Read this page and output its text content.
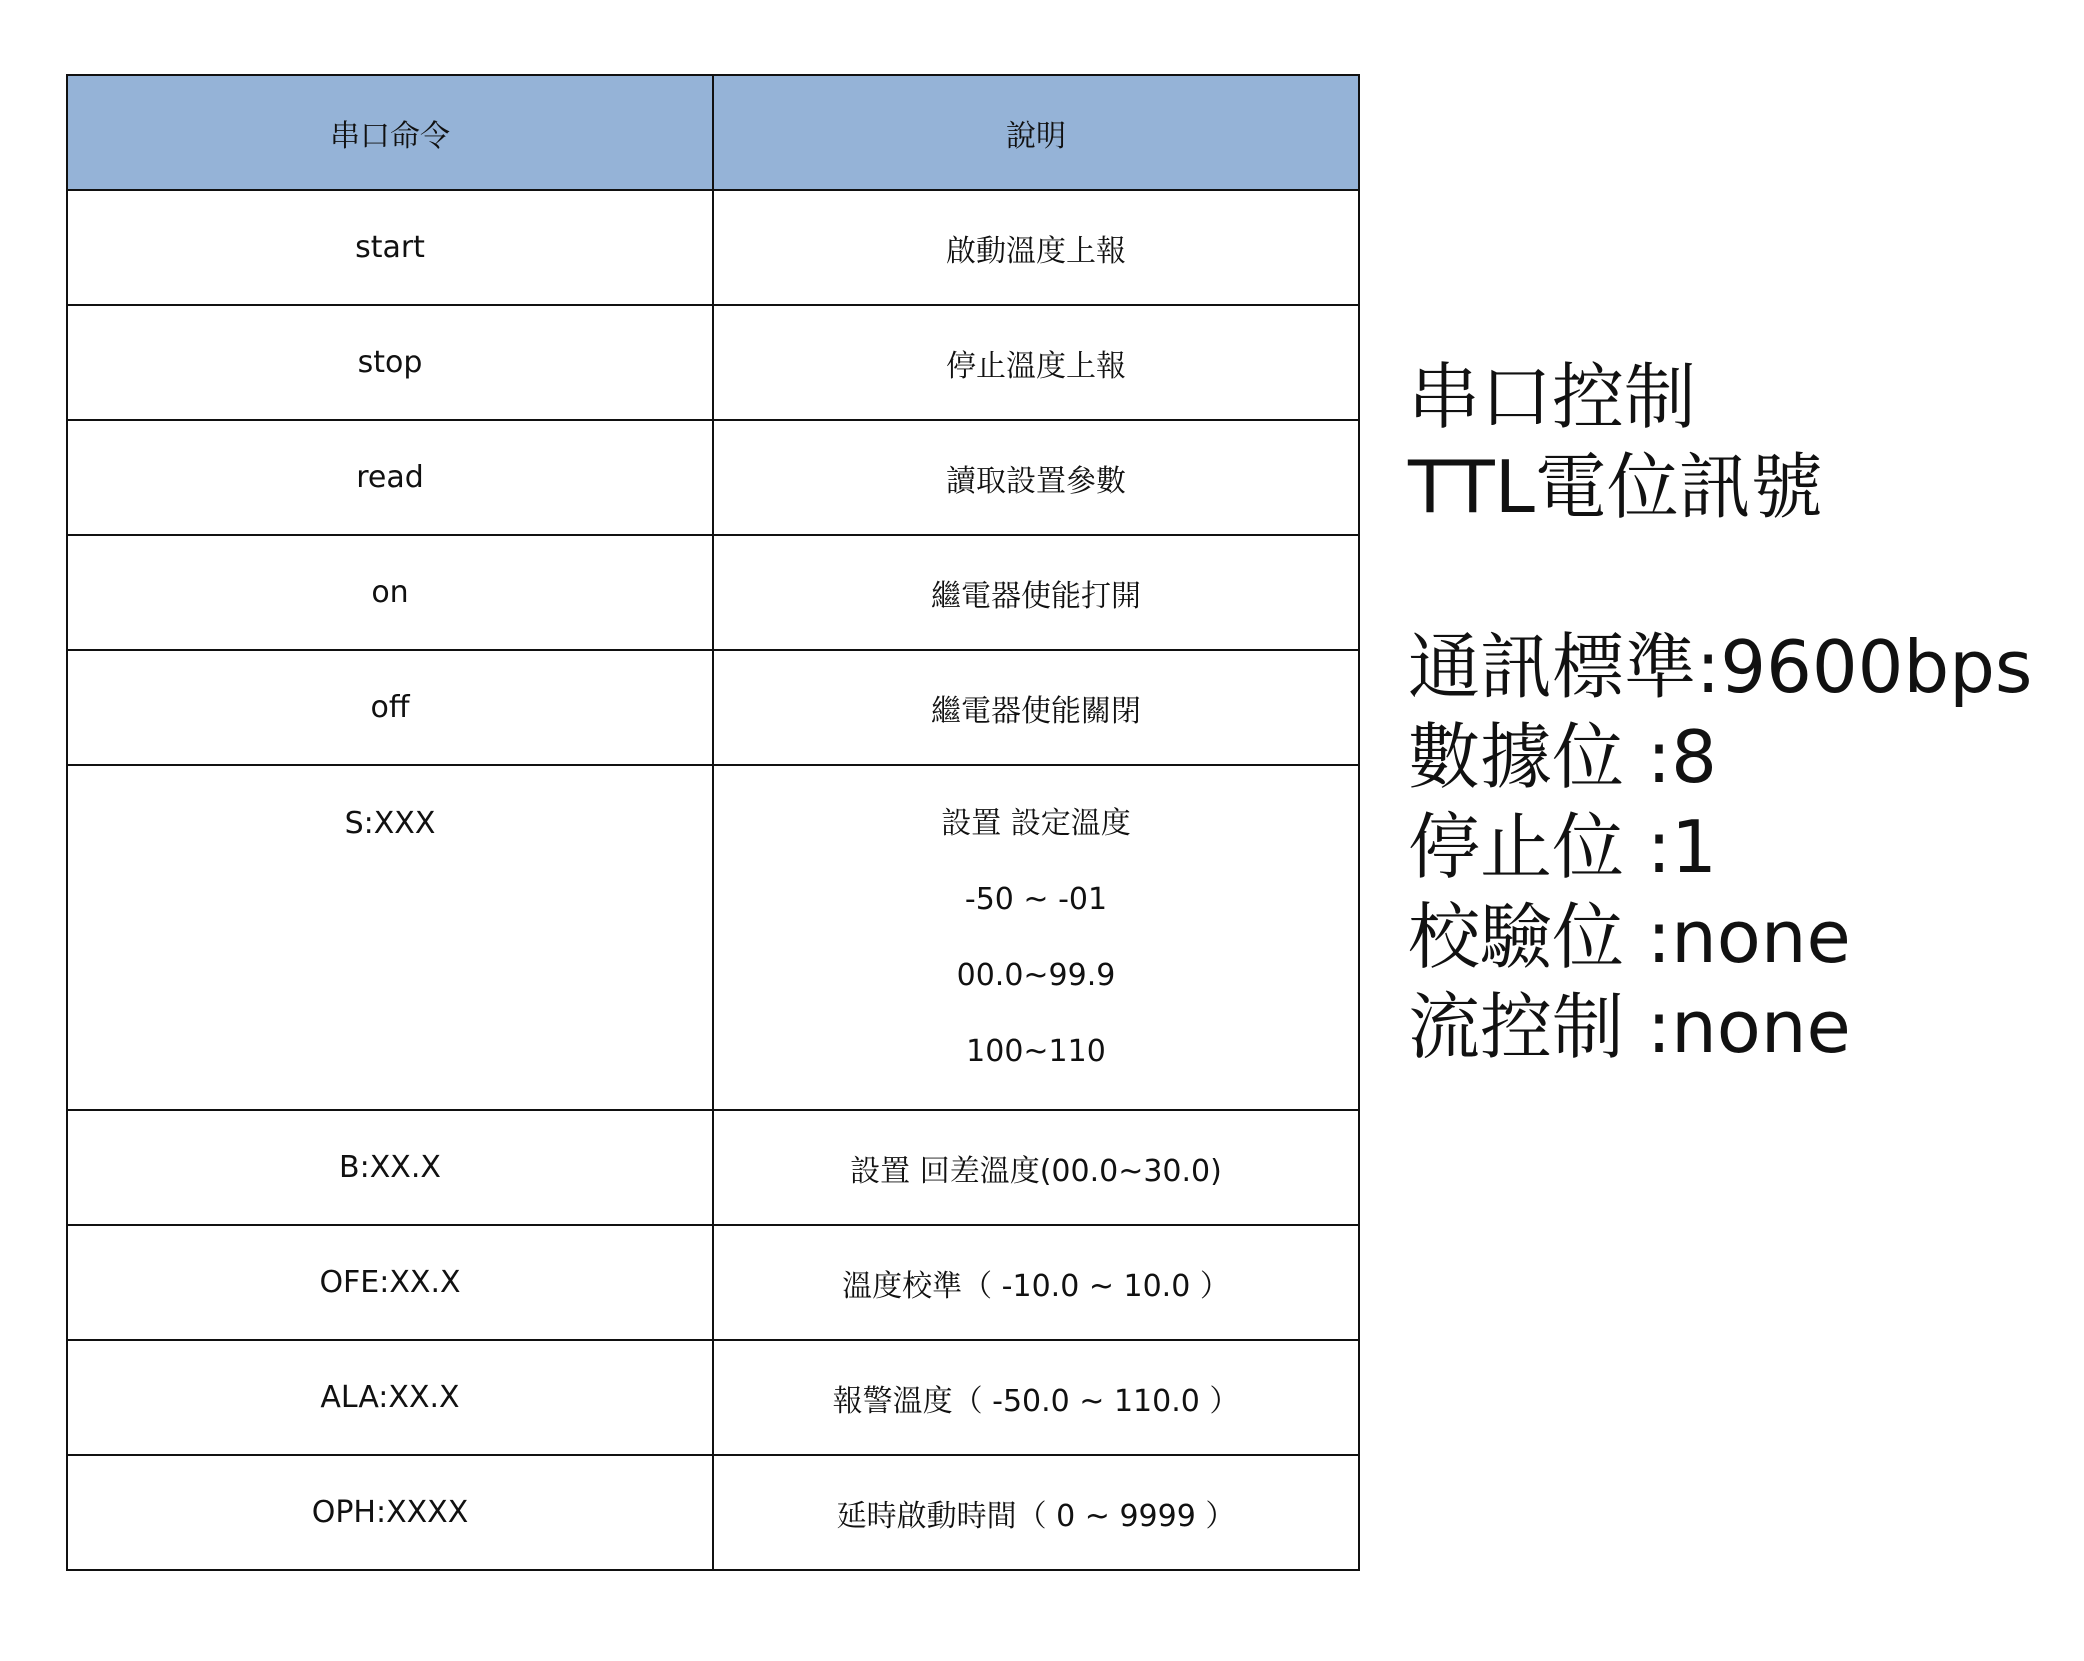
串口命令	說明
start	啟動溫度上報
stop	停止溫度上報
read	讀取設置參數
on	繼電器使能打開
off	繼電器使能關閉

S:XXX	設置 設定溫度
-50 ~ -01
00.0~99.9
100~110

B:XX.X	設置 回差溫度(00.0~30.0)
OFE:XX.X	溫度校準（ -10.0 ~ 10.0 ）
ALA:XX.X	報警溫度（ -50.0 ~ 110.0 ）
OPH:XXXX	延時啟動時間（ 0 ~ 9999 ）
串口控制
TTL電位訊號
通訊標準:9600bps
數據位 :8
停止位 :1
校驗位 :none
流控制 :none
